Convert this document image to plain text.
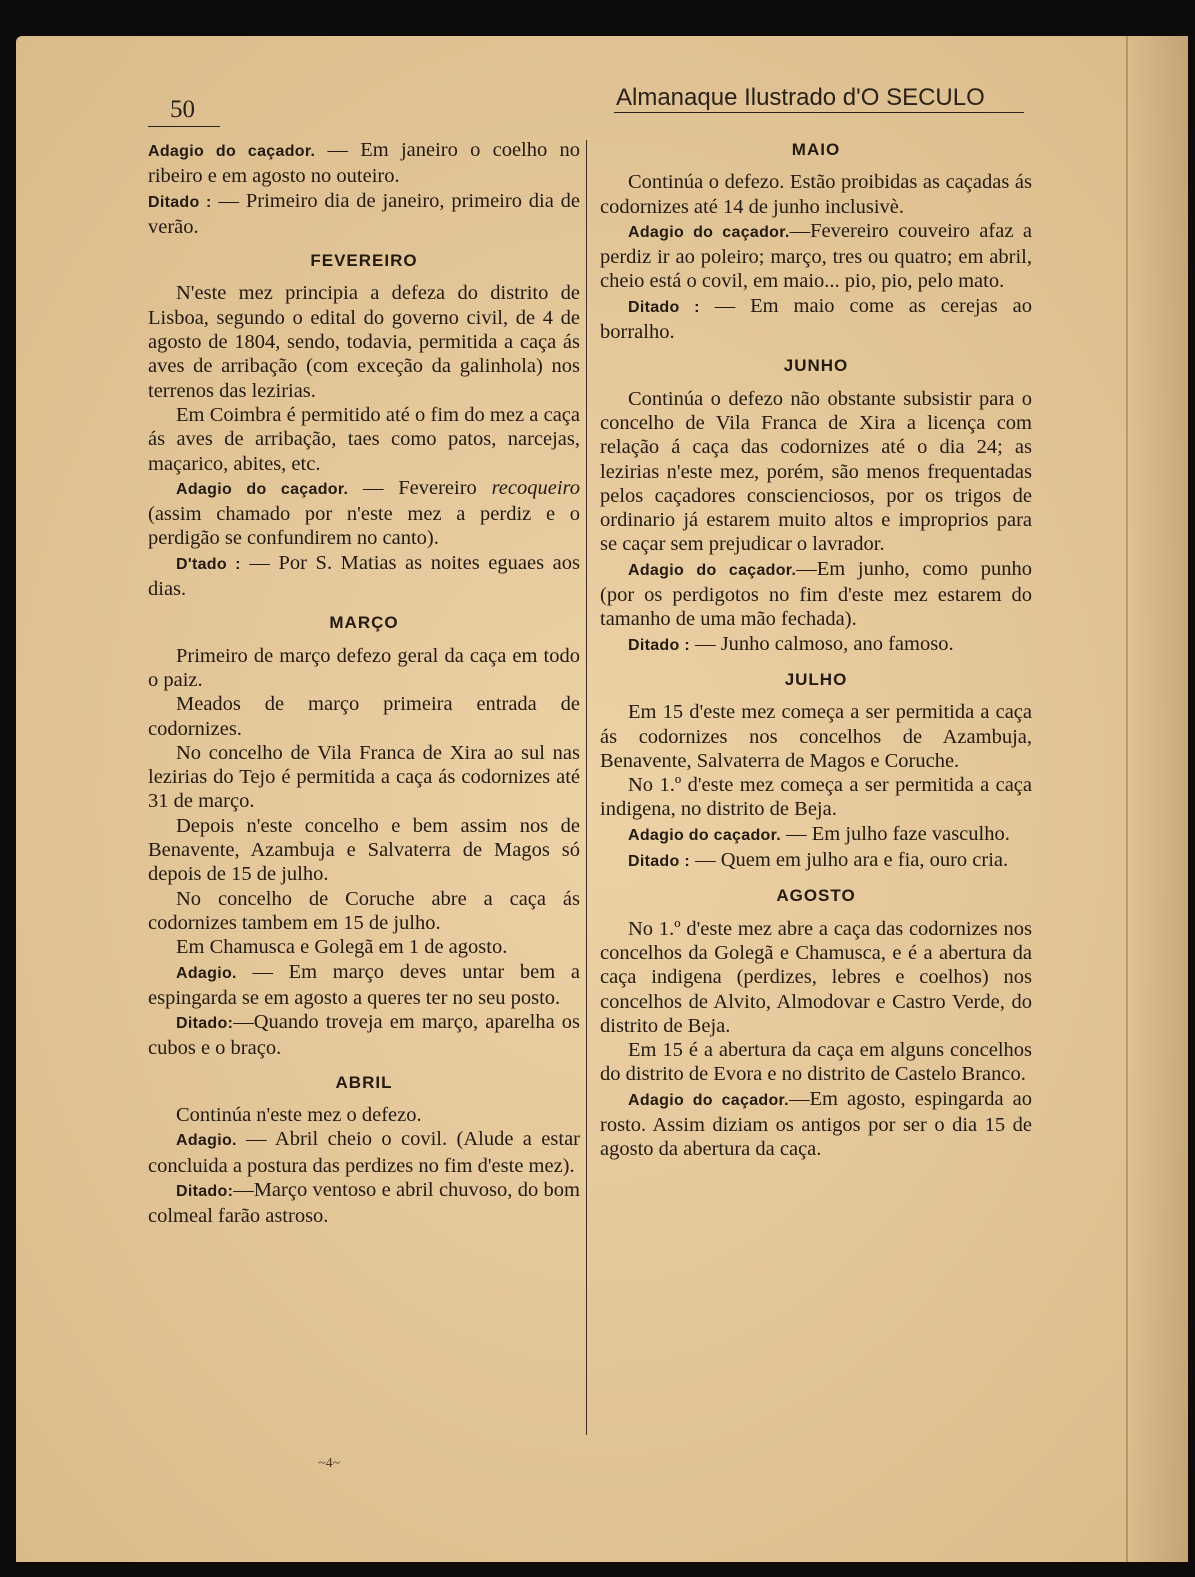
50	Almanaque Ilustrado d'O SECULO

Adagio do caçador. — Em janeiro o coelho no ribeiro e em agosto no outeiro.

Ditado : — Primeiro dia de janeiro, primeiro dia de verão.

FEVEREIRO

N'este mez principia a defeza do distrito de Lisboa, segundo o edital do governo civil, de 4 de agosto de 1804, sendo, todavia, permitida a caça ás aves de arribação (com exceção da galinhola) nos terrenos das lezirias.

Em Coimbra é permitido até o fim do mez a caça ás aves de arribação, taes como patos, narcejas, maçarico, abites, etc.

Adagio do caçador. — Fevereiro recoqueiro (assim chamado por n'este mez a perdiz e o perdigão se confundirem no canto).

D'tado : — Por S. Matias as noites eguaes aos dias.

MARÇO

Primeiro de março defezo geral da caça em todo o paiz.

Meados de março primeira entrada de codornizes.

No concelho de Vila Franca de Xira ao sul nas lezirias do Tejo é permitida a caça ás codornizes até 31 de março.

Depois n'este concelho e bem assim nos de Benavente, Azambuja e Salvaterra de Magos só depois de 15 de julho.

No concelho de Coruche abre a caça ás codornizes tambem em 15 de julho.

Em Chamusca e Golegã em 1 de agosto.

Adagio. — Em março deves untar bem a espingarda se em agosto a queres ter no seu posto.

Ditado:—Quando troveja em março, aparelha os cubos e o braço.

ABRIL

Continúa n'este mez o defezo.

Adagio. — Abril cheio o covil. (Alude a estar concluida a postura das perdizes no fim d'este mez).

Ditado:—Março ventoso e abril chuvoso, do bom colmeal farão astroso.

MAIO

Continúa o defezo. Estão proibidas as caçadas ás codornizes até 14 de junho inclusivè.

Adagio do caçador.—Fevereiro couveiro afaz a perdiz ir ao poleiro; março, tres ou quatro; em abril, cheio está o covil, em maio... pio, pio, pelo mato.

Ditado : — Em maio come as cerejas ao borralho.

JUNHO

Continúa o defezo não obstante subsistir para o concelho de Vila Franca de Xira a licença com relação á caça das codornizes até o dia 24; as lezirias n'este mez, porém, são menos frequentadas pelos caçadores conscienciosos, por os trigos de ordinario já estarem muito altos e improprios para se caçar sem prejudicar o lavrador.

Adagio do caçador.—Em junho, como punho (por os perdigotos no fim d'este mez estarem do tamanho de uma mão fechada).

Ditado : — Junho calmoso, ano famoso.

JULHO

Em 15 d'este mez começa a ser permitida a caça ás codornizes nos concelhos de Azambuja, Benavente, Salvaterra de Magos e Coruche.

No 1.º d'este mez começa a ser permitida a caça indigena, no distrito de Beja.

Adagio do caçador. — Em julho faze vasculho.

Ditado : — Quem em julho ara e fia, ouro cria.

AGOSTO

No 1.º d'este mez abre a caça das codornizes nos concelhos da Golegã e Chamusca, e é a abertura da caça indigena (perdizes, lebres e coelhos) nos concelhos de Alvito, Almodovar e Castro Verde, do distrito de Beja.

Em 15 é a abertura da caça em alguns concelhos do distrito de Evora e no distrito de Castelo Branco.

Adagio do caçador.—Em agosto, espingarda ao rosto. Assim diziam os antigos por ser o dia 15 de agosto da abertura da caça.

~4~
